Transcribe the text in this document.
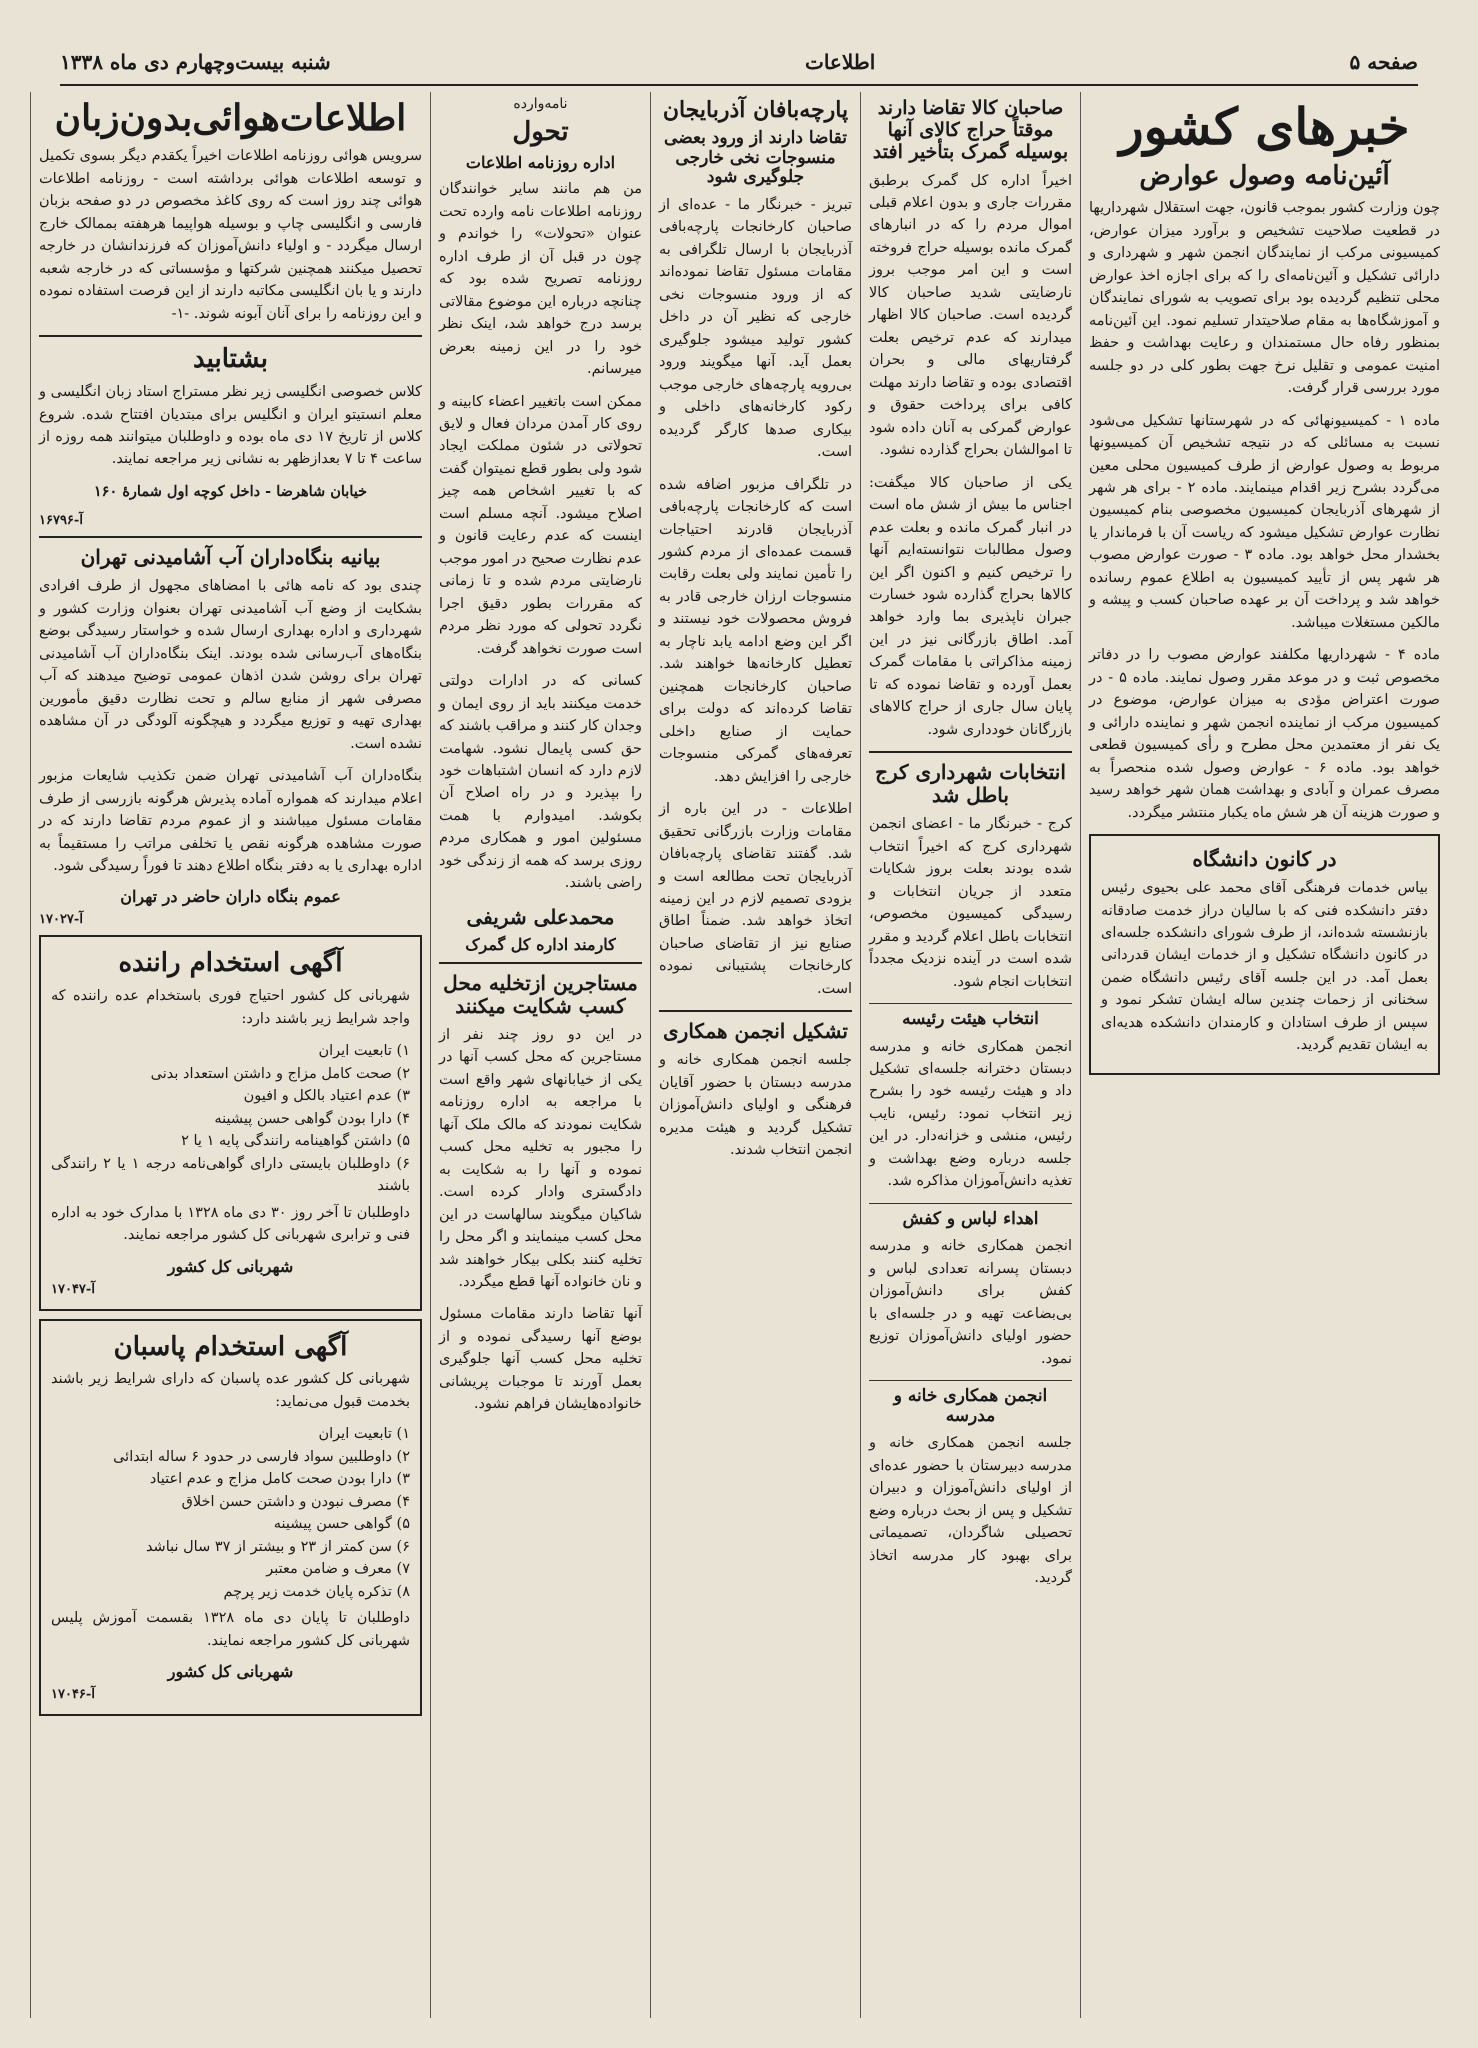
شنبه بیست‌وچهارم دی ماه ۱۳۳۸	اطلاعات	صفحه ۵
اطلاعات‌هوائی‌بدون‌زبان
سرویس هوائی روزنامه اطلاعات اخیراً یکقدم دیگر بسوی تکمیل و توسعه اطلاعات هوائی برداشته است - روزنامه اطلاعات هوائی چند روز است که روی کاغذ مخصوص در دو صفحه بزبان فارسی و انگلیسی چاپ و بوسیله هواپیما هرهفته بممالک خارج ارسال میگردد - و اولیاء دانش‌آموزان که فرزندانشان در خارجه تحصیل میکنند همچنین شرکتها و مؤسساتی که در خارجه شعبه دارند و یا بان انگلیسی مکاتبه دارند از این فرصت استفاده نموده و این روزنامه را برای آنان آبونه شوند. -۱-
بشتابید
کلاس خصوصی انگلیسی زیر نظر مستراج استاد زبان انگلیسی و معلم انستیتو ایران و انگلیس برای مبتدیان افتتاح شده. شروع کلاس از تاریخ ۱۷ دی ماه بوده و داوطلبان میتوانند همه روزه از ساعت ۴ تا ۷ بعدازظهر به نشانی زیر مراجعه نمایند.
خیابان شاهرضا - داخل کوچه اول شمارهٔ ۱۶۰
آ-۱۶۷۹۶
بیانیه بنگاه‌داران آب آشامیدنی تهران
چندی بود که نامه هائی با امضاهای مجهول از طرف افرادی بشکایت از وضع آب آشامیدنی تهران بعنوان وزارت کشور و شهرداری و اداره بهداری ارسال شده و خواستار رسیدگی بوضع بنگاه‌های آب‌رسانی شده بودند. اینک بنگاه‌داران آب آشامیدنی تهران برای روشن شدن اذهان عمومی توضیح میدهند که آب مصرفی شهر از منابع سالم و تحت نظارت دقیق مأمورین بهداری تهیه و توزیع میگردد و هیچگونه آلودگی در آن مشاهده نشده است.
بنگاه‌داران آب آشامیدنی تهران ضمن تکذیب شایعات مزبور اعلام میدارند که همواره آماده پذیرش هرگونه بازرسی از طرف مقامات مسئول میباشند و از عموم مردم تقاضا دارند که در صورت مشاهده هرگونه نقص یا تخلفی مراتب را مستقیماً به اداره بهداری یا به دفتر بنگاه اطلاع دهند تا فوراً رسیدگی شود.
عموم بنگاه داران حاضر در تهران
آ-۱۷۰۲۷
آگهی استخدام راننده
شهربانی کل کشور احتیاج فوری باستخدام عده راننده که واجد شرایط زیر باشند دارد:
۱) تابعیت ایران
۲) صحت کامل مزاج و داشتن استعداد بدنی
۳) عدم اعتیاد بالکل و افیون
۴) دارا بودن گواهی حسن پیشینه
۵) داشتن گواهینامه رانندگی پایه ۱ یا ۲
۶) داوطلبان بایستی دارای گواهی‌نامه درجه ۱ یا ۲ رانندگی باشند
داوطلبان تا آخر روز ۳۰ دی ماه ۱۳۲۸ با مدارک خود به اداره فنی و ترابری شهربانی کل کشور مراجعه نمایند.
شهربانی کل کشور
آ-۱۷۰۴۷
آگهی استخدام پاسبان
شهربانی کل کشور عده پاسبان که دارای شرایط زیر باشند بخدمت قبول می‌نماید:
۱) تابعیت ایران
۲) داوطلبین سواد فارسی در حدود ۶ ساله ابتدائی
۳) دارا بودن صحت کامل مزاج و عدم اعتیاد
۴) مصرف نبودن و داشتن حسن اخلاق
۵) گواهی حسن پیشینه
۶) سن کمتر از ۲۳ و بیشتر از ۳۷ سال نباشد
۷) معرف و ضامن معتبر
۸) تذکره پایان خدمت زیر پرچم
داوطلبان تا پایان دی ماه ۱۳۲۸ بقسمت آموزش پلیس شهربانی کل کشور مراجعه نمایند.
شهربانی کل کشور
آ-۱۷۰۴۶
نامه‌وارده
تحول
اداره روزنامه اطلاعات
من هم مانند سایر خوانندگان روزنامه اطلاعات نامه وارده تحت عنوان «تحولات» را خواندم و چون در قبل آن از طرف اداره روزنامه تصریح شده بود که چنانچه درباره این موضوع مقالاتی برسد درج خواهد شد، اینک نظر خود را در این زمینه بعرض میرسانم.
ممکن است باتغییر اعضاء کابینه و روی کار آمدن مردان فعال و لایق تحولاتی در شئون مملکت ایجاد شود ولی بطور قطع نمیتوان گفت که با تغییر اشخاص همه چیز اصلاح میشود. آنچه مسلم است اینست که عدم رعایت قانون و عدم نظارت صحیح در امور موجب نارضایتی مردم شده و تا زمانی که مقررات بطور دقیق اجرا نگردد تحولی که مورد نظر مردم است صورت نخواهد گرفت.
کسانی که در ادارات دولتی خدمت میکنند باید از روی ایمان و وجدان کار کنند و مراقب باشند که حق کسی پایمال نشود. شهامت لازم دارد که انسان اشتباهات خود را بپذیرد و در راه اصلاح آن بکوشد. امیدوارم با همت مسئولین امور و همکاری مردم روزی برسد که همه از زندگی خود راضی باشند.
محمدعلی شریفی
کارمند اداره کل گمرک
مستاجرین ازتخلیه محل کسب شکایت میکنند
در این دو روز چند نفر از مستاجرین که محل کسب آنها در یکی از خیابانهای شهر واقع است با مراجعه به اداره روزنامه شکایت نمودند که مالک ملک آنها را مجبور به تخلیه محل کسب نموده و آنها را به شکایت به دادگستری وادار کرده است. شاکیان میگویند سالهاست در این محل کسب مینمایند و اگر محل را تخلیه کنند بکلی بیکار خواهند شد و نان خانواده آنها قطع میگردد.
آنها تقاضا دارند مقامات مسئول بوضع آنها رسیدگی نموده و از تخلیه محل کسب آنها جلوگیری بعمل آورند تا موجبات پریشانی خانواده‌هایشان فراهم نشود.
پارچه‌بافان آذربایجان
تقاضا دارند از ورود بعضی منسوجات نخی خارجی جلوگیری شود
تبریز - خبرنگار ما - عده‌ای از صاحبان کارخانجات پارچه‌بافی آذربایجان با ارسال تلگرافی به مقامات مسئول تقاضا نموده‌اند که از ورود منسوجات نخی خارجی که نظیر آن در داخل کشور تولید میشود جلوگیری بعمل آید. آنها میگویند ورود بی‌رویه پارچه‌های خارجی موجب رکود کارخانه‌های داخلی و بیکاری صدها کارگر گردیده است.
در تلگراف مزبور اضافه شده است که کارخانجات پارچه‌بافی آذربایجان قادرند احتیاجات قسمت عمده‌ای از مردم کشور را تأمین نمایند ولی بعلت رقابت منسوجات ارزان خارجی قادر به فروش محصولات خود نیستند و اگر این وضع ادامه یابد ناچار به تعطیل کارخانه‌ها خواهند شد. صاحبان کارخانجات همچنین تقاضا کرده‌اند که دولت برای حمایت از صنایع داخلی تعرفه‌های گمرکی منسوجات خارجی را افزایش دهد.
اطلاعات - در این باره از مقامات وزارت بازرگانی تحقیق شد. گفتند تقاضای پارچه‌بافان آذربایجان تحت مطالعه است و بزودی تصمیم لازم در این زمینه اتخاذ خواهد شد. ضمناً اطاق صنایع نیز از تقاضای صاحبان کارخانجات پشتیبانی نموده است.
تشکیل انجمن همکاری
جلسه انجمن همکاری خانه و مدرسه دبستان با حضور آقایان فرهنگی و اولیای دانش‌آموزان تشکیل گردید و هیئت مدیره انجمن انتخاب شدند.
صاحبان کالا تقاضا دارند موقتاً حراج کالای آنها بوسیله گمرک بتأخیر افتد
اخیراً اداره کل گمرک برطبق مقررات جاری و بدون اعلام قبلی اموال مردم را که در انبارهای گمرک مانده بوسیله حراج فروخته است و این امر موجب بروز نارضایتی شدید صاحبان کالا گردیده است. صاحبان کالا اظهار میدارند که عدم ترخیص بعلت گرفتاریهای مالی و بحران اقتصادی بوده و تقاضا دارند مهلت کافی برای پرداخت حقوق و عوارض گمرکی به آنان داده شود تا اموالشان بحراج گذارده نشود.
یکی از صاحبان کالا میگفت: اجناس ما بیش از شش ماه است در انبار گمرک مانده و بعلت عدم وصول مطالبات نتوانسته‌ایم آنها را ترخیص کنیم و اکنون اگر این کالاها بحراج گذارده شود خسارت جبران ناپذیری بما وارد خواهد آمد. اطاق بازرگانی نیز در این زمینه مذاکراتی با مقامات گمرک بعمل آورده و تقاضا نموده که تا پایان سال جاری از حراج کالاهای بازرگانان خودداری شود.
انتخابات شهرداری کرج باطل شد
کرج - خبرنگار ما - اعضای انجمن شهرداری کرج که اخیراً انتخاب شده بودند بعلت بروز شکایات متعدد از جریان انتخابات و رسیدگی کمیسیون مخصوص، انتخابات باطل اعلام گردید و مقرر شده است در آینده نزدیک مجدداً انتخابات انجام شود.
انتخاب هیئت رئیسه
انجمن همکاری خانه و مدرسه دبستان دخترانه جلسه‌ای تشکیل داد و هیئت رئیسه خود را بشرح زیر انتخاب نمود: رئیس، نایب رئیس، منشی و خزانه‌دار. در این جلسه درباره وضع بهداشت و تغذیه دانش‌آموزان مذاکره شد.
اهداء لباس و کفش
انجمن همکاری خانه و مدرسه دبستان پسرانه تعدادی لباس و کفش برای دانش‌آموزان بی‌بضاعت تهیه و در جلسه‌ای با حضور اولیای دانش‌آموزان توزیع نمود.
انجمن همکاری خانه و مدرسه
جلسه انجمن همکاری خانه و مدرسه دبیرستان با حضور عده‌ای از اولیای دانش‌آموزان و دبیران تشکیل و پس از بحث درباره وضع تحصیلی شاگردان، تصمیماتی برای بهبود کار مدرسه اتخاذ گردید.
خبرهای کشور
آئین‌نامه وصول عوارض
چون وزارت کشور بموجب قانون، جهت استقلال شهرداریها در قطعیت صلاحیت تشخیص و برآورد میزان عوارض، کمیسیونی مرکب از نمایندگان انجمن شهر و شهرداری و دارائی تشکیل و آئین‌نامه‌ای را که برای اجازه اخذ عوارض محلی تنظیم گردیده بود برای تصویب به شورای نمایندگان و آموزشگاه‌ها به مقام صلاحیتدار تسلیم نمود. این آئین‌نامه بمنظور رفاه حال مستمندان و رعایت بهداشت و حفظ امنیت عمومی و تقلیل نرخ جهت بطور کلی در دو جلسه مورد بررسی قرار گرفت.
ماده ۱ - کمیسیونهائی که در شهرستانها تشکیل می‌شود نسبت به مسائلی که در نتیجه تشخیص آن کمیسیونها مربوط به وصول عوارض از طرف کمیسیون محلی معین می‌گردد بشرح زیر اقدام مینمایند. ماده ۲ - برای هر شهر از شهرهای آذربایجان کمیسیون مخصوصی بنام کمیسیون نظارت عوارض تشکیل میشود که ریاست آن با فرماندار یا بخشدار محل خواهد بود. ماده ۳ - صورت عوارض مصوب هر شهر پس از تأیید کمیسیون به اطلاع عموم رسانده خواهد شد و پرداخت آن بر عهده صاحبان کسب و پیشه و مالکین مستغلات میباشد.
ماده ۴ - شهرداریها مکلفند عوارض مصوب را در دفاتر مخصوص ثبت و در موعد مقرر وصول نمایند. ماده ۵ - در صورت اعتراض مؤدی به میزان عوارض، موضوع در کمیسیون مرکب از نماینده انجمن شهر و نماینده دارائی و یک نفر از معتمدین محل مطرح و رأی کمیسیون قطعی خواهد بود. ماده ۶ - عوارض وصول شده منحصراً به مصرف عمران و آبادی و بهداشت همان شهر خواهد رسید و صورت هزینه آن هر شش ماه یکبار منتشر میگردد.
در کانون دانشگاه
بیاس خدمات فرهنگی آقای محمد علی بحیوی رئیس دفتر دانشکده فنی که با سالیان دراز خدمت صادقانه بازنشسته شده‌اند، از طرف شورای دانشکده جلسه‌ای در کانون دانشگاه تشکیل و از خدمات ایشان قدردانی بعمل آمد. در این جلسه آقای رئیس دانشگاه ضمن سخنانی از زحمات چندین ساله ایشان تشکر نمود و سپس از طرف استادان و کارمندان دانشکده هدیه‌ای به ایشان تقدیم گردید.
